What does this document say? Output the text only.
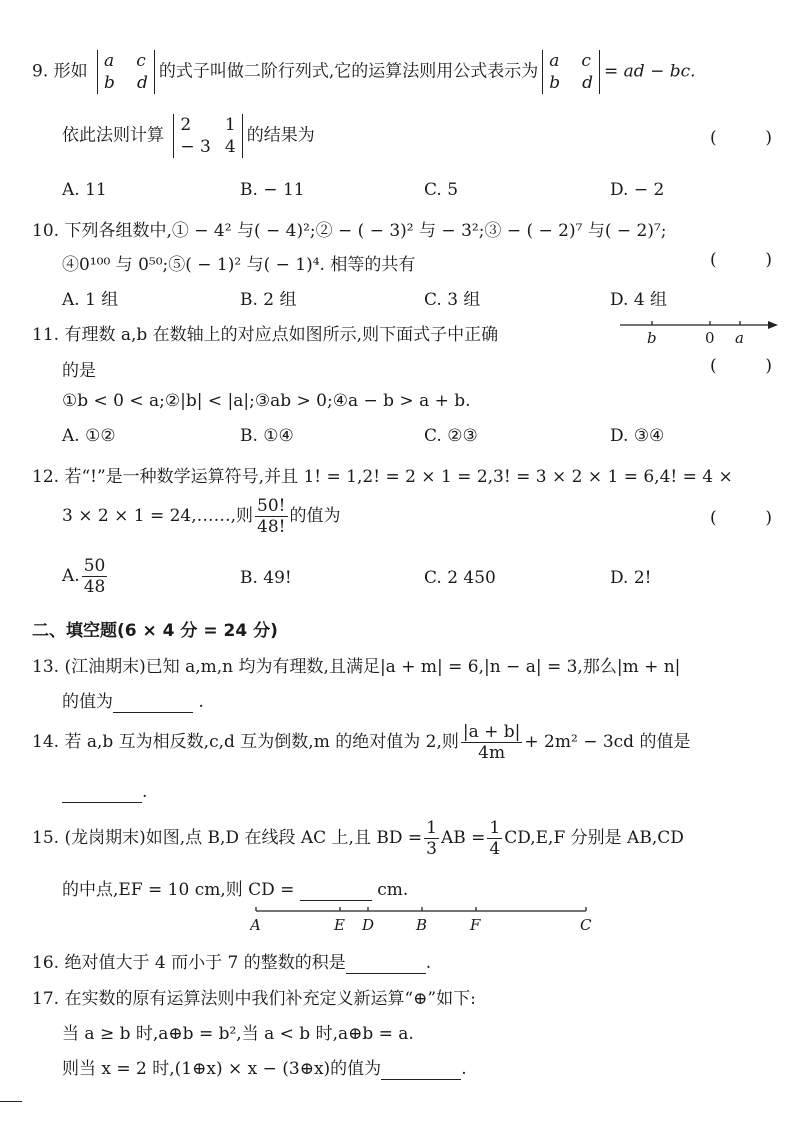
9. 形如
a c
b d
的式子叫做二阶行列式,它的运算法则用公式表示为
a c
b d
= ad − bc.
依此法则计算
2 1
− 3 4
的结果为	(	)
A. 11	B. − 11	C. 5	D. − 2
10. 下列各组数中,① − 4² 与( − 4)²;② − ( − 3)² 与 − 3²;③ − ( − 2)⁷ 与( − 2)⁷;
④0¹⁰⁰ 与 0⁵⁰;⑤( − 1)² 与( − 1)⁴. 相等的共有	(	)
A. 1 组	B. 2 组	C. 3 组	D. 4 组
11. 有理数 a,b 在数轴上的对应点如图所示,则下面式子中正确	b	0 a
的是	(	)
①b < 0 < a;②|b| < |a|;③ab > 0;④a − b > a + b.
A. ①②	B. ①④	C. ②③	D. ③④
12. 若“!”是一种数学运算符号,并且 1! = 1,2! = 2 × 1 = 2,3! = 3 × 2 × 1 = 6,4! = 4 ×
3 × 2 × 1 = 24,……,则 $\frac{50!}{48!}$ 的值为	(	)
A. $\frac{50}{48}$	B. 49!	C. 2 450	D. 2!
二、填空题(6 × 4 分 = 24 分)
13. (江油期末)已知 a,m,n 均为有理数,且满足|a + m| = 6,|n − a| = 3,那么|m + n|
的值为	.
14. 若 a,b 互为相反数,c,d 互为倒数,m 的绝对值为 2,则 $\frac{|a + b|}{4m} + 2m^2 - 3cd$ 的值是
.
15. (龙岗期末)如图,点 B,D 在线段 AC 上,且 BD = $\frac{1}{3}$ AB = $\frac{1}{4} CD,E,F$ 分别是 AB,CD
的中点,EF = 10 cm,则 CD =	cm.
A	E D	B	F	C
16. 绝对值大于 4 而小于 7 的整数的积是	.
17. 在实数的原有运算法则中我们补充定义新运算“⊕”如下:
当 a ≥ b 时,a⊕b = b²,当 a < b 时,a⊕b = a.
则当 x = 2 时,(1⊕x) × x − (3⊕x)的值为	.
